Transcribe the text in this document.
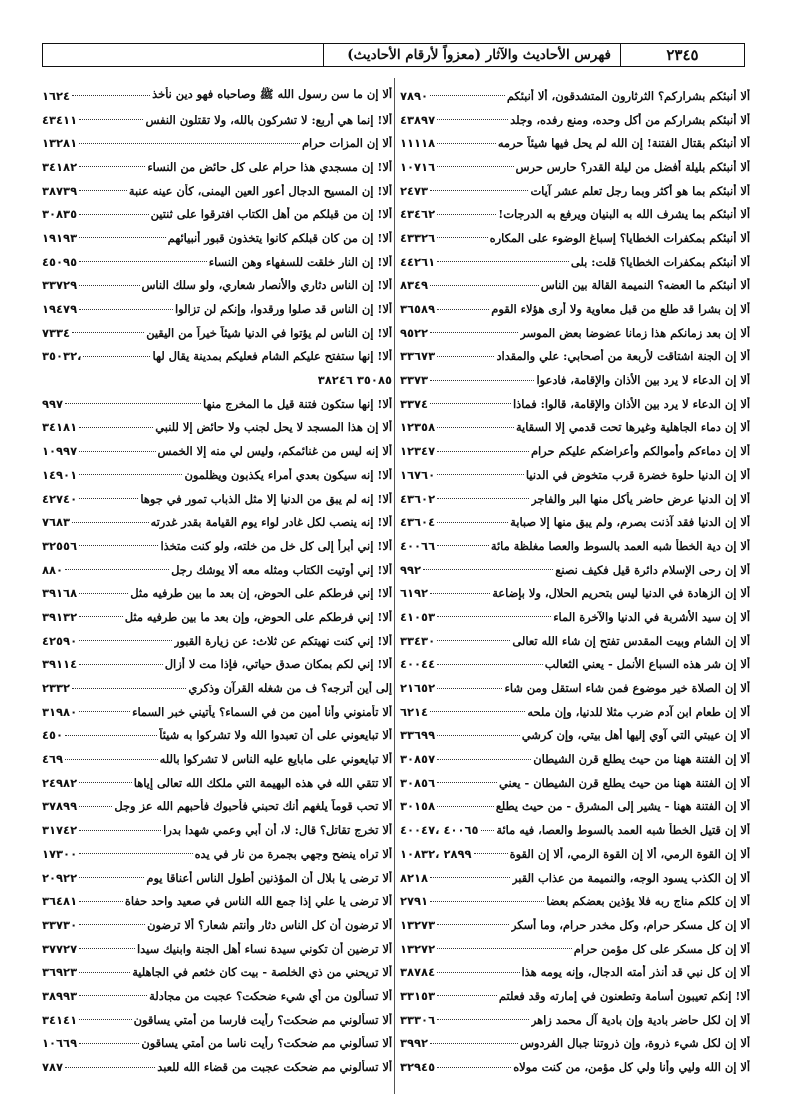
٢٣٤٥
فهرس الأحاديث والآثار (معزواً لأرقام الأحاديث)
ألا أنبئكم بشراركم؟ الثرثارون المتشدقون، ألا أنبئكم
٧٨٩٠
ألا أنبئكم بشراركم من أكل وحده، ومنع رفده، وجلد
٤٣٨٩٧
ألا أنبئكم بقتال الفتنة! إن الله لم يحل فيها شيئاً حرمه
١١١١٨
ألا أنبئكم بليلة أفضل من ليلة القدر؟ حارس حرس
١٠٧١٦
ألا أنبئكم بما هو أكثر وبما رجل تعلم عشر آيات
٢٤٧٣
ألا أنبئكم بما يشرف الله به البنيان ويرفع به الدرجات!
٤٣٤٦٢
ألا أنبئكم بمكفرات الخطايا؟ إسباغ الوضوء على المكاره
٤٣٣٢٦
ألا أنبئكم بمكفرات الخطايا؟ قلت: بلى
٤٤٢٦١
ألا أنبئكم ما العضه؟ النميمة القالة بين الناس
٨٣٤٩
ألا إن بشرا قد طلع من قبل معاوية ولا أرى هؤلاء القوم
٣٦٥٨٩
ألا إن بعد زمانكم هذا زمانا عضوضا بعض الموسر
٩٥٢٢
ألا إن الجنة اشتاقت لأربعة من أصحابي: علي والمقداد
٣٣٦٧٣
ألا إن الدعاء لا يرد بين الأذان والإقامة، فادعوا
٣٣٧٣
ألا إن الدعاء لا يرد بين الأذان والإقامة، قالوا: فماذا
٣٣٧٤
ألا إن دماء الجاهلية وغيرها تحت قدمي إلا السقاية
١٢٣٥٨
ألا إن دماءكم وأموالكم وأعراضكم عليكم حرام
١٢٣٤٧
ألا إن الدنيا حلوة خضرة قرب متخوض في الدنيا
١٦٧٦٠
ألا إن الدنيا عرض حاضر يأكل منها البر والفاجر
٤٣٦٠٢
ألا إن الدنيا فقد آذنت بصرم، ولم يبق منها إلا صبابة
٤٣٦٠٤
ألا إن دية الخطأ شبه العمد بالسوط والعصا مغلظة مائة
٤٠٠٦٦
ألا إن رحى الإسلام دائرة قيل فكيف نصنع
٩٩٢
ألا إن الزهادة في الدنيا ليس بتحريم الحلال، ولا بإضاعة
٦١٩٢
ألا إن سيد الأشربة في الدنيا والآخرة الماء
٤١٠٥٣
ألا إن الشام وبيت المقدس تفتح إن شاء الله تعالى
٣٣٤٣٠
ألا إن شر هذه السباع الأنمل - يعني الثعالب
٤٠٠٤٤
ألا إن الصلاة خير موضوع فمن شاء استقل ومن شاء
٢١٦٥٢
ألا إن طعام ابن آدم ضرب مثلا للدنيا، وإن ملحه
٦٢١٤
ألا إن عيبتي التي آوي إليها أهل بيتي، وإن كرشي
٣٣٦٩٩
ألا إن الفتنة ههنا من حيث يطلع قرن الشيطان
٣٠٨٥٧
ألا إن الفتنة ههنا من حيث يطلع قرن الشيطان - يعني
٣٠٨٥٦
ألا إن الفتنة ههنا - يشير إلى المشرق - من حيث يطلع
٣٠١٥٨
ألا إن قتيل الخطأ شبه العمد بالسوط والعصا، فيه مائة
٤٠٠٦٥ ،٤٠٠٤٧
ألا إن القوة الرمي، ألا إن القوة الرمي، ألا إن القوة
٢٨٩٩ ،١٠٨٣٢
ألا إن الكذب يسود الوجه، والنميمة من عذاب القبر
٨٢١٨
ألا إن كلكم مناج ربه فلا يؤذين بعضكم بعضا
٢٧٩١
ألا إن كل مسكر حرام، وكل مخدر حرام، وما أسكر
١٣٢٧٣
ألا إن كل مسكر على كل مؤمن حرام
١٣٢٧٢
ألا إن كل نبي قد أنذر أمته الدجال، وإنه يومه هذا
٣٨٧٨٤
ألا! إنكم تعيبون أسامة وتطعنون في إمارته وقد فعلتم
٣٣١٥٣
ألا إن لكل حاضر بادية وإن بادية آل محمد زاهر
٣٣٣٠٦
ألا إن لكل شيء ذروة، وإن ذروتنا جبال الفردوس
٣٩٩٢
ألا إن الله وليي وأنا ولي كل مؤمن، من كنت مولاه
٣٢٩٤٥
ألا إن ما سن رسول الله ﷺ وصاحباه فهو دين نأخذ
١٦٢٤
ألا! إنما هي أربع: لا تشركون بالله، ولا تقتلون النفس
٤٣٤١١
ألا إن المزات حرام
١٣٢٨١
ألا! إن مسجدي هذا حرام على كل حائض من النساء
٣٤١٨٢
ألا! إن المسيح الدجال أعور العين اليمنى، كأن عينه عنبة
٣٨٧٣٩
ألا! إن من قبلكم من أهل الكتاب افترقوا على ثنتين
٣٠٨٣٥
ألا! إن من كان قبلكم كانوا يتخذون قبور أنبيائهم
١٩١٩٣
ألا! إن النار خلقت للسفهاء وهن النساء
٤٥٠٩٥
ألا! إن الناس دثاري والأنصار شعاري، ولو سلك الناس
٣٣٧٢٩
ألا! إن الناس قد صلوا ورقدوا، وإنكم لن تزالوا
١٩٤٧٩
ألا! إن الناس لم يؤتوا في الدنيا شيئاً خيراً من اليقين
٧٣٣٤
ألا! إنها ستفتح عليكم الشام فعليكم بمدينة يقال لها
٣٥٠٣٢،
٣٥٠٨٥ ٣٨٢٤٦
ألا! إنها ستكون فتنة قيل ما المخرج منها
٩٩٧
ألا إن هذا المسجد لا يحل لجنب ولا حائض إلا للنبي
٣٤١٨١
ألا إنه ليس من غنائمكم، وليس لي منه إلا الخمس
١٠٩٩٧
ألا! إنه سيكون بعدي أمراء يكذبون ويظلمون
١٤٩٠١
ألا! إنه لم يبق من الدنيا إلا مثل الذباب تمور في جوها
٤٢٧٤٠
ألا! إنه ينصب لكل غادر لواء يوم القيامة بقدر غدرته
٧٦٨٣
ألا! إني أبرأ إلى كل خل من خلته، ولو كنت متخذا
٣٢٥٥٦
ألا! إني أوتيت الكتاب ومثله معه ألا يوشك رجل
٨٨٠
ألا! إني فرطكم على الحوض، إن بعد ما بين طرفيه مثل
٣٩١٦٨
ألا! إني فرطكم على الحوض، وإن بعد ما بين طرفيه مثل
٣٩١٣٢
ألا! إني كنت نهيتكم عن ثلاث: عن زيارة القبور
٤٢٥٩٠
ألا! إني لكم بمكان صدق حياتي، فإذا مت لا أزال
٣٩١١٤
إلى أين أترجه؟ ف من شغله القرآن وذكري
٢٣٣٢
ألا تأمنوني وأنا أمين من في السماء؟ يأتيني خبر السماء
٣١٩٨٠
ألا تبايعوني على أن تعبدوا الله ولا تشركوا به شيئاً
٤٥٠
ألا تبايعوني على مابايع عليه الناس لا تشركوا بالله
٤٦٩
ألا تتقي الله في هذه البهيمة التي ملكك الله تعالى إياها
٢٤٩٨٢
ألا تحب قوماً يلغهم أنك تحبني فأحبوك فأحبهم الله عز وجل
٣٧٨٩٩
ألا تخرج تقاتل؟ قال: لا، أن أبي وعمي شهدا بدرا
٣١٧٤٢
ألا تراه ينضح وجهي بجمرة من نار في يده
١٧٣٠٠
ألا ترضى يا بلال أن المؤذنين أطول الناس أعناقا يوم
٢٠٩٢٢
ألا ترضى يا علي إذا جمع الله الناس في صعيد واحد حفاة
٣٦٤٨١
ألا ترضون أن كل الناس دثار وأنتم شعار؟ ألا ترضون
٣٣٧٣٠
ألا ترضين أن تكوني سيدة نساء أهل الجنة وابنيك سيدا
٣٧٧٢٧
ألا تريحني من ذي الخلصة - بيت كان خثعم في الجاهلية
٣٦٩٢٣
ألا تسألون من أي شيء ضحكت؟ عجبت من مجادلة
٣٨٩٩٣
ألا تسألوني مم ضحكت؟ رأيت فارسا من أمتي يساقون
٣٤١٤١
ألا تسألوني مم ضحكت؟ رأيت ناسا من أمتي يساقون
١٠٦٦٩
ألا تسألوني مم ضحكت عجبت من قضاء الله للعبد
٧٨٧
